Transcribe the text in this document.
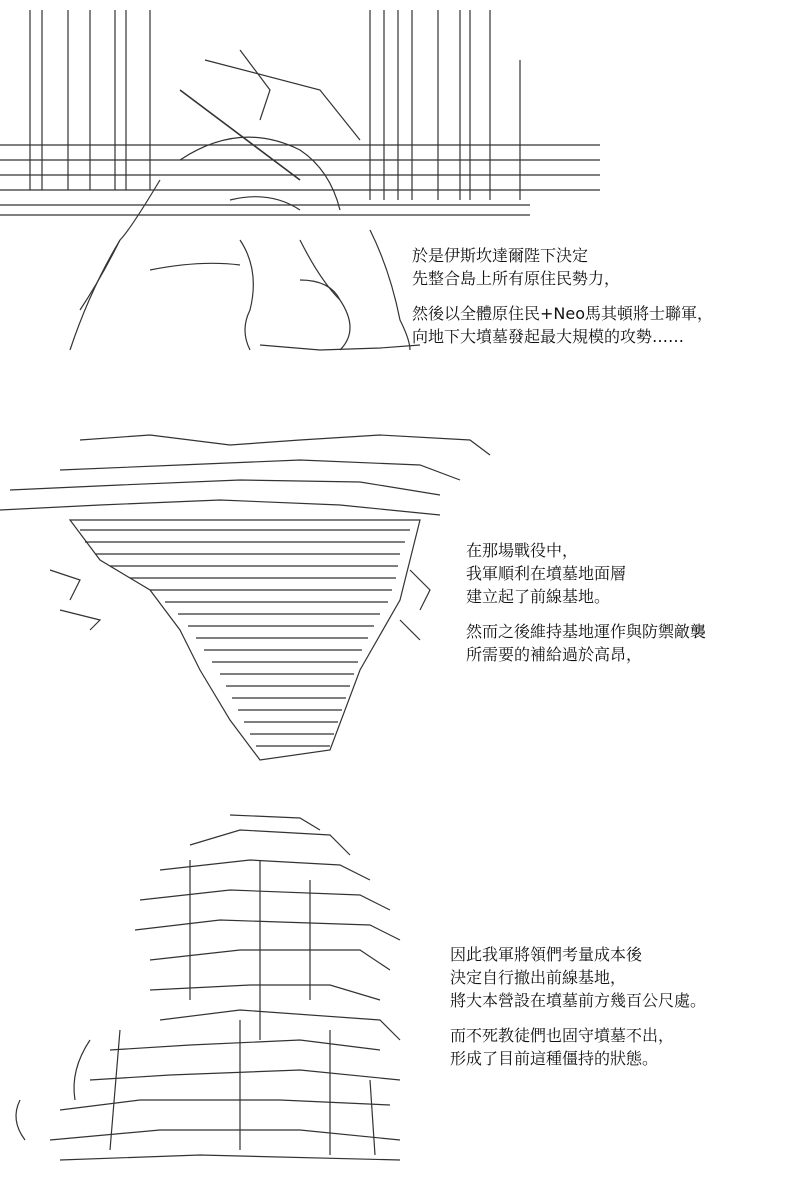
於是伊斯坎達爾陛下決定
先整合島上所有原住民勢力，

然後以全體原住民+Neo馬其頓將士聯軍，
向地下大墳墓發起最大規模的攻勢……

在那場戰役中，
我軍順利在墳墓地面層
建立起了前線基地。

然而之後維持基地運作與防禦敵襲
所需要的補給過於高昂，

因此我軍將領們考量成本後
決定自行撤出前線基地，
將大本營設在墳墓前方幾百公尺處。

而不死教徒們也固守墳墓不出，
形成了目前這種僵持的狀態。
